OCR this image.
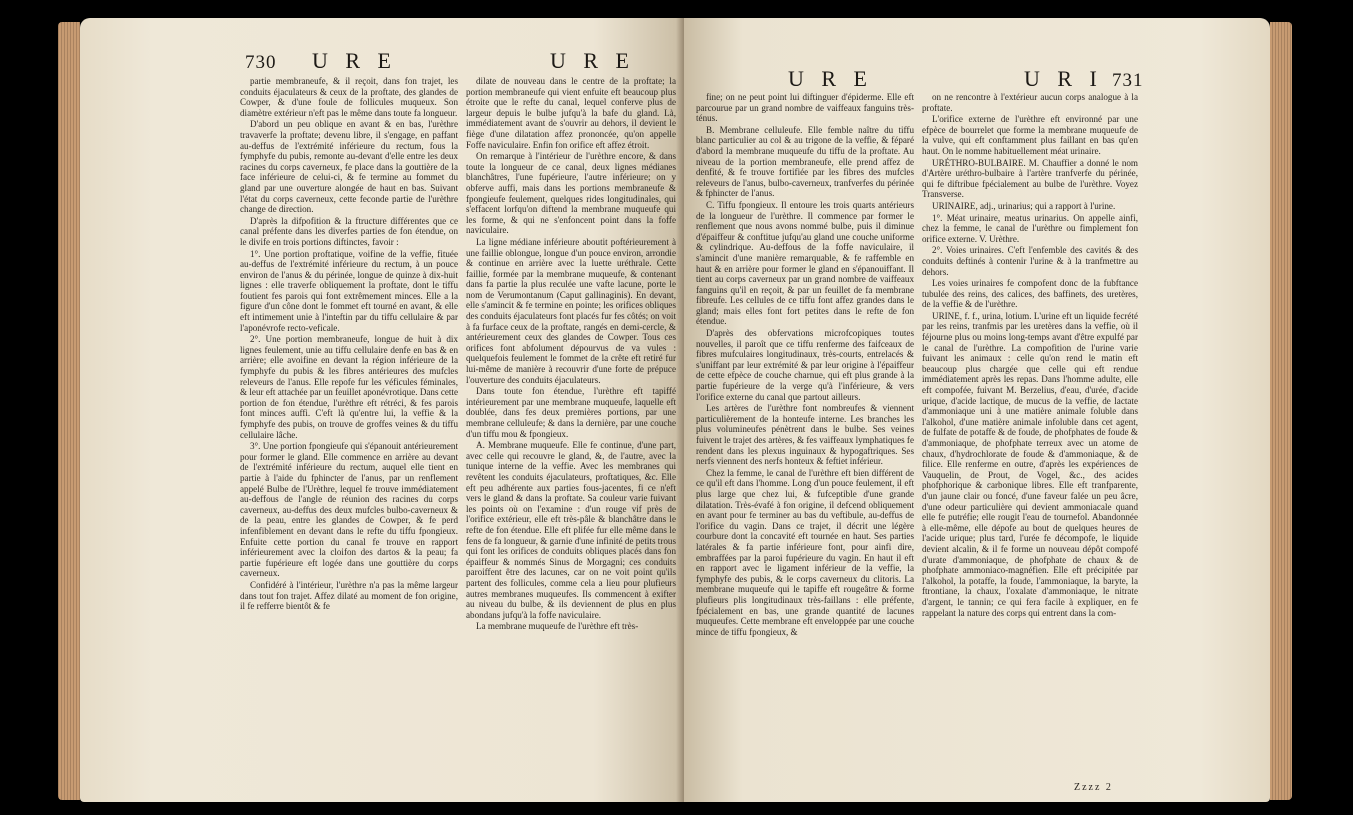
730 U R E	U R E

partie membraneufe, & il reçoit, dans fon trajet, les conduits éjaculateurs & ceux de la proftate, des glandes de Cowper, & d'une foule de follicules muqueux. Son diamètre extérieur n'eft pas le même dans toute fa longueur.

D'abord un peu oblique en avant & en bas, l'urèthre travaverfe la proftate; devenu libre, il s'engage, en paffant au-deffus de l'extrémité inférieure du rectum, fous la fymphyfe du pubis, remonte au-devant d'elle entre les deux racines du corps caverneux, fe place dans la gouttière de la face inférieure de celui-ci, & fe termine au fommet du gland par une ouverture alongée de haut en bas. Suivant l'état du corps caverneux, cette feconde partie de l'urèthre change de direction.

D'après la difpofition & la ftructure différentes que ce canal préfente dans les diverfes parties de fon étendue, on le divife en trois portions diftinctes, favoir :

1°. Une portion proftatique, voifine de la veffie, fituée au-deffus de l'extrémité inférieure du rectum, à un pouce environ de l'anus & du périnée, longue de quinze à dix-huit lignes : elle traverfe obliquement la proftate, dont le tiffu foutient fes parois qui font extrêmement minces. Elle a la figure d'un cône dont le fommet eft tourné en avant, & elle eft intimement unie à l'inteftin par du tiffu cellulaire & par l'aponévrofe recto-veficale.

2°. Une portion membraneufe, longue de huit à dix lignes feulement, unie au tiffu cellulaire denfe en bas & en arrière; elle avoifine en devant la région inférieure de la fymphyfe du pubis & les fibres antérieures des mufcles releveurs de l'anus. Elle repofe fur les véficules féminales, & leur eft attachée par un feuillet aponévrotique. Dans cette portion de fon étendue, l'urèthre eft rétréci, & fes parois font minces auffi. C'eft là qu'entre lui, la veffie & la fymphyfe des pubis, on trouve de groffes veines & du tiffu cellulaire lâche.

3°. Une portion fpongieufe qui s'épanouit antérieurement pour former le gland. Elle commence en arrière au devant de l'extrémité inférieure du rectum, auquel elle tient en partie à l'aide du fphincter de l'anus, par un renflement appelé Bulbe de l'Urèthre, lequel fe trouve immédiatement au-deffous de l'angle de réunion des racines du corps caverneux, au-deffus des deux mufcles bulbo-caverneux & de la peau, entre les glandes de Cowper, & fe perd infenfiblement en devant dans le refte du tiffu fpongieux. Enfuite cette portion du canal fe trouve en rapport inférieurement avec la cloifon des dartos & la peau; fa partie fupérieure eft logée dans une gouttière du corps caverneux.

Confidéré à l'intérieur, l'urèthre n'a pas la même largeur dans tout fon trajet. Affez dilaté au moment de fon origine, il fe refferre bientôt & fe

dilate de nouveau dans le centre de la proftate; la portion membraneufe qui vient enfuite eft beaucoup plus étroite que le refte du canal, lequel conferve plus de largeur depuis le bulbe jufqu'à la bafe du gland. Là, immédiatement avant de s'ouvrir au dehors, il devient le fiège d'une dilatation affez prononcée, qu'on appelle Foffe naviculaire. Enfin fon orifice eft affez étroit.

On remarque à l'intérieur de l'urèthre encore, & dans toute la longueur de ce canal, deux lignes médianes blanchâtres, l'une fupérieure, l'autre inférieure; on y obferve auffi, mais dans les portions membraneufe & fpongieufe feulement, quelques rides longitudinales, qui s'effacent lorfqu'on diftend la membrane muqueufe qui les forme, & qui ne s'enfoncent point dans la foffe naviculaire.

La ligne médiane inférieure aboutit poftérieurement à une faillie oblongue, longue d'un pouce environ, arrondie & continue en arrière avec la luette uréthrale. Cette faillie, formée par la membrane muqueufe, & contenant dans fa partie la plus reculée une vafte lacune, porte le nom de Verumontanum (Caput gallinaginis). En devant, elle s'amincit & fe termine en pointe; les orifices obliques des conduits éjaculateurs font placés fur fes côtés; on voit à fa furface ceux de la proftate, rangés en demi-cercle, & antérieurement ceux des glandes de Cowper. Tous ces orifices font abfolument dépourvus de va vules : quelquefois feulement le fommet de la crête eft retiré fur lui-même de manière à recouvrir d'une forte de prépuce l'ouverture des conduits éjaculateurs.

Dans toute fon étendue, l'urèthre eft tapiffé intérieurement par une membrane muqueufe, laquelle eft doublée, dans fes deux premières portions, par une membrane celluleufe; & dans la dernière, par une couche d'un tiffu mou & fpongieux.

A. Membrane muqueufe. Elle fe continue, d'une part, avec celle qui recouvre le gland, &, de l'autre, avec la tunique interne de la veffie. Avec les membranes qui revêtent les conduits éjaculateurs, proftatiques, &c. Elle eft peu adhérente aux parties fous-jacentes, fi ce n'eft vers le gland & dans la proftate. Sa couleur varie fuivant les points où on l'examine : d'un rouge vif près de l'orifice extérieur, elle eft très-pâle & blanchâtre dans le refte de fon étendue. Elle eft plifée fur elle même dans le fens de fa longueur, & garnie d'une infinité de petits trous qui font les orifices de conduits obliques placés dans fon épaiffeur & nommés Sinus de Morgagni; ces conduits paroiffent être des lacunes, car on ne voit point qu'ils partent des follicules, comme cela a lieu pour plufieurs autres membranes muqueufes. Ils commencent à exifter au niveau du bulbe, & ils deviennent de plus en plus abondans jufqu'à la foffe naviculaire.

La membrane muqueufe de l'urèthre eft très-

U R E	U R I 731

fine; on ne peut point lui diftinguer d'épiderme. Elle eft parcourue par un grand nombre de vaiffeaux fanguins très-ténus.

B. Membrane celluleufe. Elle femble naître du tiffu blanc particulier au col & au trigone de la veffie, & féparé d'abord la membrane muqueufe du tiffu de la proftate. Au niveau de la portion membraneufe, elle prend affez de denfité, & fe trouve fortifiée par les fibres des mufcles releveurs de l'anus, bulbo-caverneux, tranfverfes du périnée & fphincter de l'anus.

C. Tiffu fpongieux. Il entoure les trois quarts antérieurs de la longueur de l'urèthre. Il commence par former le renflement que nous avons nommé bulbe, puis il diminue d'épaiffeur & conftitue jufqu'au gland une couche uniforme & cylindrique. Au-deffous de la foffe naviculaire, il s'amincit d'une manière remarquable, & fe raffemble en haut & en arrière pour former le gland en s'épanouiffant. Il tient au corps caverneux par un grand nombre de vaiffeaux fanguins qu'il en reçoit, & par un feuillet de fa membrane fibreufe. Les cellules de ce tiffu font affez grandes dans le gland; mais elles font fort petites dans le refte de fon étendue.

D'après des obfervations microfcopiques toutes nouvelles, il paroît que ce tiffu renferme des faifceaux de fibres mufculaires longitudinaux, très-courts, entrelacés & s'uniffant par leur extrémité & par leur origine à l'épaiffeur de cette efpèce de couche charnue, qui eft plus grande à la partie fupérieure de la verge qu'à l'inférieure, & vers l'orifice externe du canal que partout ailleurs.

Les artères de l'urèthre font nombreufes & viennent particulièrement de la honteufe interne. Les branches les plus volumineufes pénètrent dans le bulbe. Ses veines fuivent le trajet des artères, & fes vaiffeaux lymphatiques fe rendent dans les plexus inguinaux & hypogaftriques. Ses nerfs viennent des nerfs honteux & feftiet inférieur.

Chez la femme, le canal de l'urèthre eft bien différent de ce qu'il eft dans l'homme. Long d'un pouce feulement, il eft plus large que chez lui, & fufceptible d'une grande dilatation. Très-évafé à fon origine, il defcend obliquement en avant pour fe terminer au bas du veftibule, au-deffus de l'orifice du vagin. Dans ce trajet, il décrit une légère courbure dont la concavité eft tournée en haut. Ses parties latérales & fa partie inférieure font, pour ainfi dire, embraffées par la paroi fupérieure du vagin. En haut il eft en rapport avec le ligament inférieur de la veffie, la fymphyfe des pubis, & le corps caverneux du clitoris. La membrane muqueufe qui le tapiffe eft rougeâtre & forme plufieurs plis longitudinaux très-faillans : elle préfente, fpécialement en bas, une grande quantité de lacunes muqueufes. Cette membrane eft enveloppée par une couche mince de tiffu fpongieux, &

on ne rencontre à l'extérieur aucun corps analogue à la proftate.

L'orifice externe de l'urèthre eft environné par une efpèce de bourrelet que forme la membrane muqueufe de la vulve, qui eft conftamment plus faillant en bas qu'en haut. On le nomme habituellement méat urinaire.

URÉTHRO-BULBAIRE. M. Chauffier a donné le nom d'Artère uréthro-bulbaire à l'artère tranfverfe du périnée, qui fe diftribue fpécialement au bulbe de l'urèthre. Voyez Transverse.

URINAIRE, adj., urinarius; qui a rapport à l'urine.

1°. Méat urinaire, meatus urinarius. On appelle ainfi, chez la femme, le canal de l'urèthre ou fimplement fon orifice externe. V. Urèthre.

2°. Voies urinaires. C'eft l'enfemble des cavités & des conduits deftinés à contenir l'urine & à la tranfmettre au dehors.

Les voies urinaires fe compofent donc de la fubftance tubulée des reins, des calices, des baffinets, des uretères, de la veffie & de l'urèthre.

URINE, f. f., urina, lotium. L'urine eft un liquide fecrété par les reins, tranfmis par les uretères dans la veffie, où il féjourne plus ou moins long-temps avant d'être expulfé par le canal de l'urèthre. La compofition de l'urine varie fuivant les animaux : celle qu'on rend le matin eft beaucoup plus chargée que celle qui eft rendue immédiatement après les repas. Dans l'homme adulte, elle eft compofée, fuivant M. Berzelius, d'eau, d'urée, d'acide urique, d'acide lactique, de mucus de la veffie, de lactate d'ammoniaque uni à une matière animale foluble dans l'alkohol, d'une matière animale infoluble dans cet agent, de fulfate de potaffe & de foude, de phofphates de foude & d'ammoniaque, de phofphate terreux avec un atome de chaux, d'hydrochlorate de foude & d'ammoniaque, & de filice. Elle renferme en outre, d'après les expériences de Vauquelin, de Prout, de Vogel, &c., des acides phofphorique & carbonique libres. Elle eft tranfparente, d'un jaune clair ou foncé, d'une faveur falée un peu âcre, d'une odeur particulière qui devient ammoniacale quand elle fe putréfie; elle rougit l'eau de tournefol. Abandonnée à elle-même, elle dépofe au bout de quelques heures de l'acide urique; plus tard, l'urée fe décompofe, le liquide devient alcalin, & il fe forme un nouveau dépôt compofé d'urate d'ammoniaque, de phofphate de chaux & de phofphate ammoniaco-magnéfien. Elle eft précipitée par l'alkohol, la potaffe, la foude, l'ammoniaque, la baryte, la ftrontiane, la chaux, l'oxalate d'ammoniaque, le nitrate d'argent, le tannin; ce qui fera facile à expliquer, en fe rappelant la nature des corps qui entrent dans la com-

Zzzz 2
